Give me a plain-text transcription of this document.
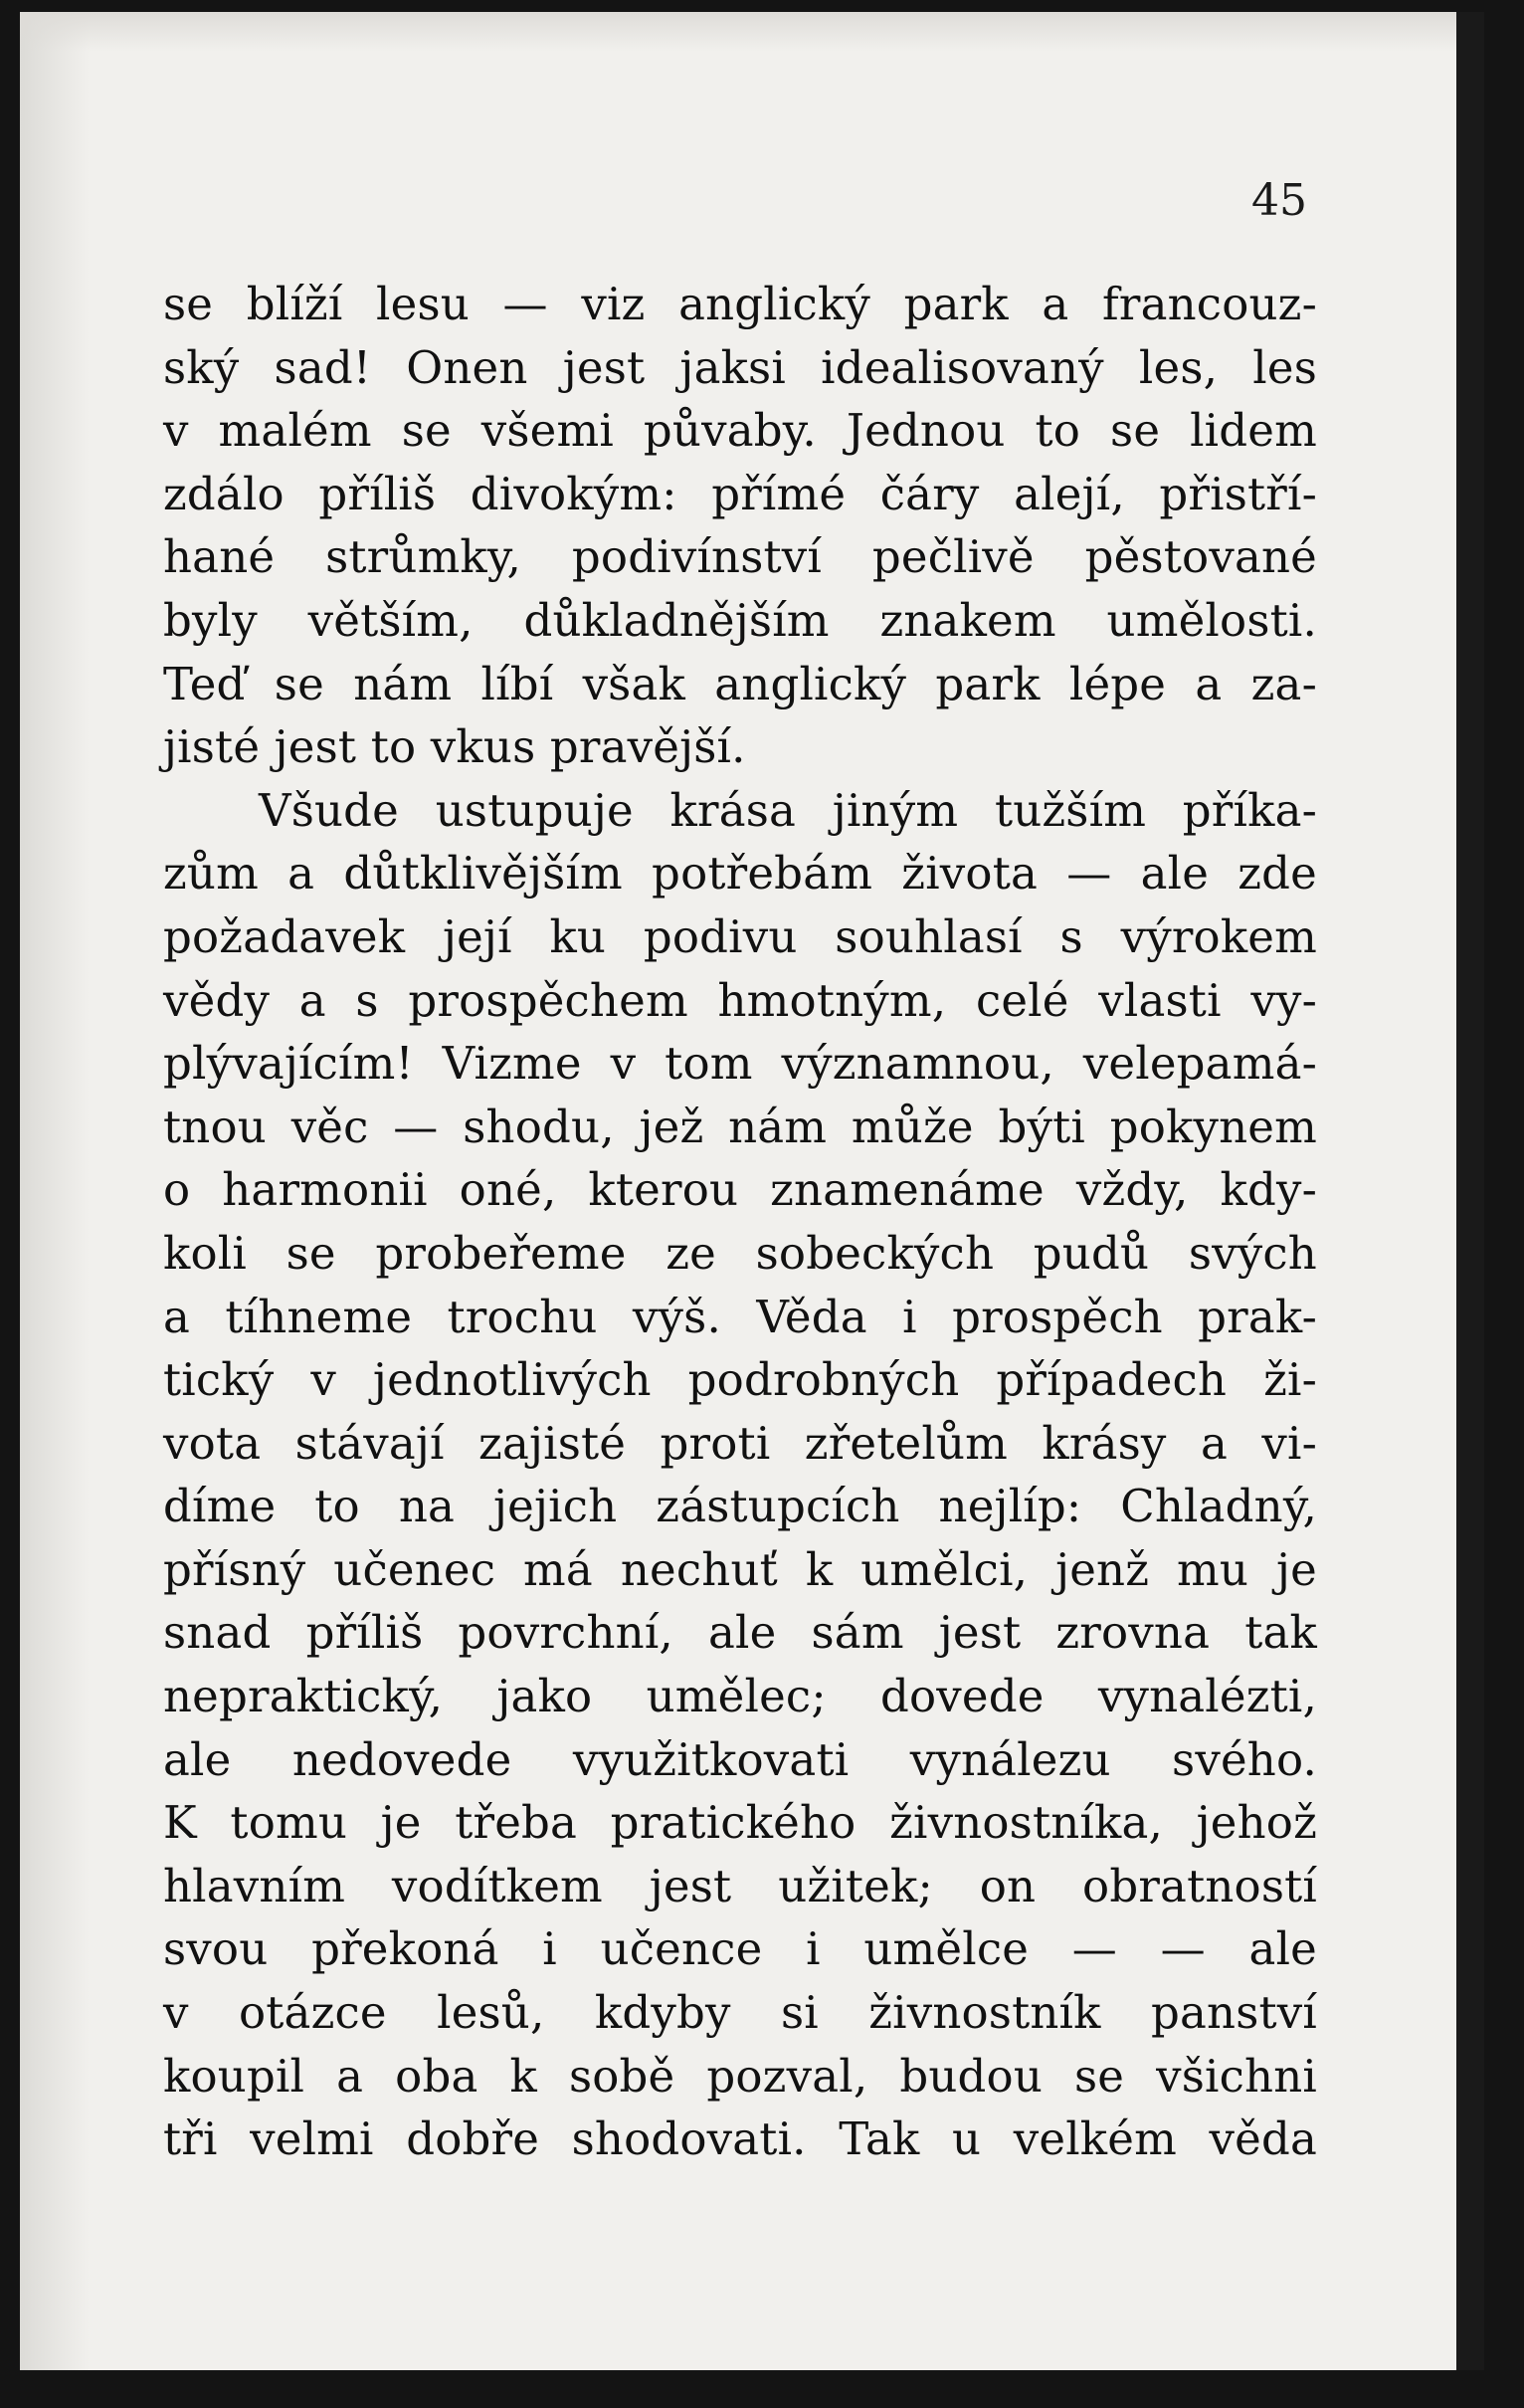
45
se blíží lesu — viz anglický park a francouz-
ský sad! Onen jest jaksi idealisovaný les, les
v malém se všemi půvaby. Jednou to se lidem
zdálo příliš divokým: přímé čáry alejí, přistří-
hané strůmky, podivínství pečlivě pěstované
byly větším, důkladnějším znakem umělosti.
Teď se nám líbí však anglický park lépe a za-
jisté jest to vkus pravější.
Všude ustupuje krása jiným tužším příka-
zům a důtklivějším potřebám života — ale zde
požadavek její ku podivu souhlasí s výrokem
vědy a s prospěchem hmotným, celé vlasti vy-
plývajícím! Vizme v tom významnou, velepamá-
tnou věc — shodu, jež nám může býti pokynem
o harmonii oné, kterou znamenáme vždy, kdy-
koli se probeřeme ze sobeckých pudů svých
a tíhneme trochu výš. Věda i prospěch prak-
tický v jednotlivých podrobných případech ži-
vota stávají zajisté proti zřetelům krásy a vi-
díme to na jejich zástupcích nejlíp: Chladný,
přísný učenec má nechuť k umělci, jenž mu je
snad příliš povrchní, ale sám jest zrovna tak
nepraktický, jako umělec; dovede vynalézti,
ale nedovede využitkovati vynálezu svého.
K tomu je třeba pratického živnostníka, jehož
hlavním vodítkem jest užitek; on obratností
svou překoná i učence i umělce — — ale
v otázce lesů, kdyby si živnostník panství
koupil a oba k sobě pozval, budou se všichni
tři velmi dobře shodovati. Tak u velkém věda
